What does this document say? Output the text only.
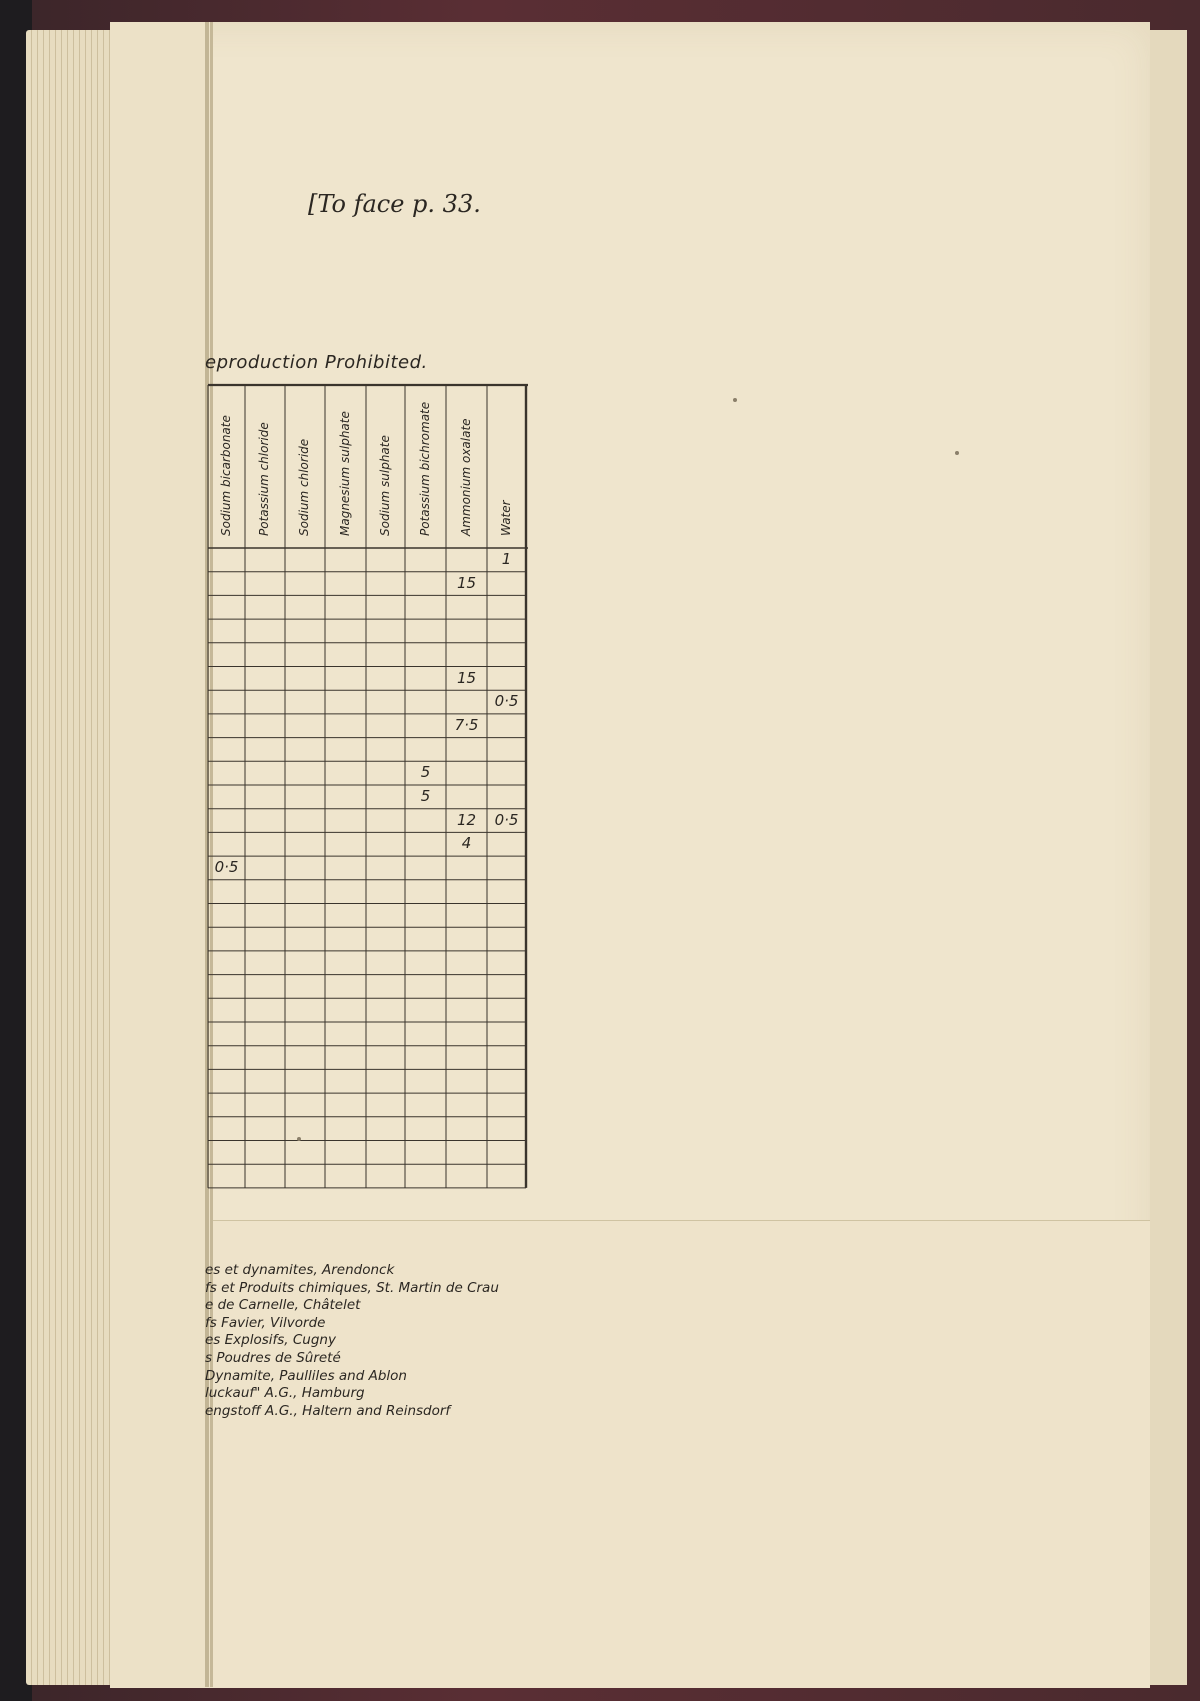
[To face p. 33.
eproduction Prohibited.
Sodium bicarbonate Potassium chloride Sodium chloride Magnesium sulphate Sodium sulphate Potassium bichromate Ammonium oxalate Water
1
15
15
0·5
7·5
5
5
12	0·5
4
0·5
es et dynamites, Arendonck
fs et Produits chimiques, St. Martin de Crau
e de Carnelle, Châtelet
fs Favier, Vilvorde
es Explosifs, Cugny
s Poudres de Sûreté
Dynamite, Paulliles and Ablon
luckauf" A.G., Hamburg
engstoff A.G., Haltern and Reinsdorf
